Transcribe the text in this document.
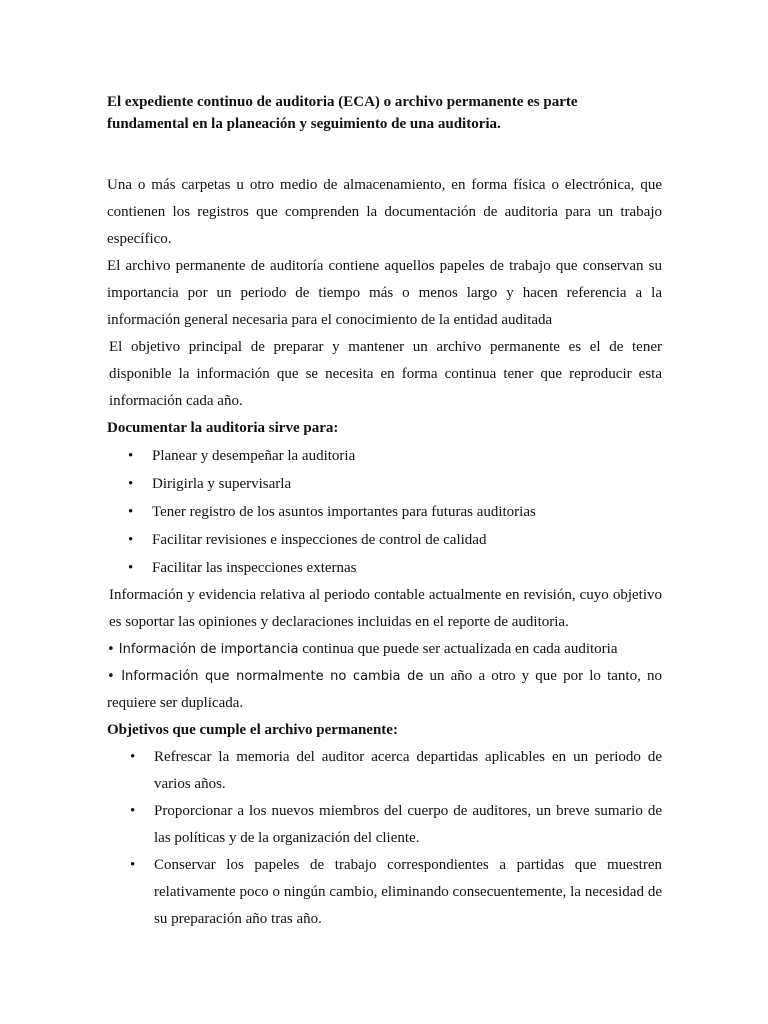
El expediente continuo de auditoria (ECA) o archivo permanente es parte fundamental en la planeación y seguimiento de una auditoria.

Una o más carpetas u otro medio de almacenamiento, en forma física o electrónica, que contienen los registros que comprenden la documentación de auditoria para un trabajo específico.

El archivo permanente de auditoría contiene aquellos papeles de trabajo que conservan su importancia por un periodo de tiempo más o menos largo y hacen referencia a la información general necesaria para el conocimiento de la entidad auditada

El objetivo principal de preparar y mantener un archivo permanente es el de tener disponible la información que se necesita en forma continua tener que reproducir esta información cada año.

Documentar la auditoria sirve para:

• Planear y desempeñar la auditoria
• Dirigirla y supervisarla
• Tener registro de los asuntos importantes para futuras auditorias
• Facilitar revisiones e inspecciones de control de calidad
• Facilitar las inspecciones externas

Información y evidencia relativa al periodo contable actualmente en revisión, cuyo objetivo es soportar las opiniones y declaraciones incluidas en el reporte de auditoria.

• Información de importancia continua que puede ser actualizada en cada auditoria

• Información que normalmente no cambia de un año a otro y que por lo tanto, no requiere ser duplicada.

Objetivos que cumple el archivo permanente:

• Refrescar la memoria del auditor acerca departidas aplicables en un periodo de varios años.
• Proporcionar a los nuevos miembros del cuerpo de auditores, un breve sumario de las políticas y de la organización del cliente.
• Conservar los papeles de trabajo correspondientes a partidas que muestren relativamente poco o ningún cambio, eliminando consecuentemente, la necesidad de su preparación año tras año.
